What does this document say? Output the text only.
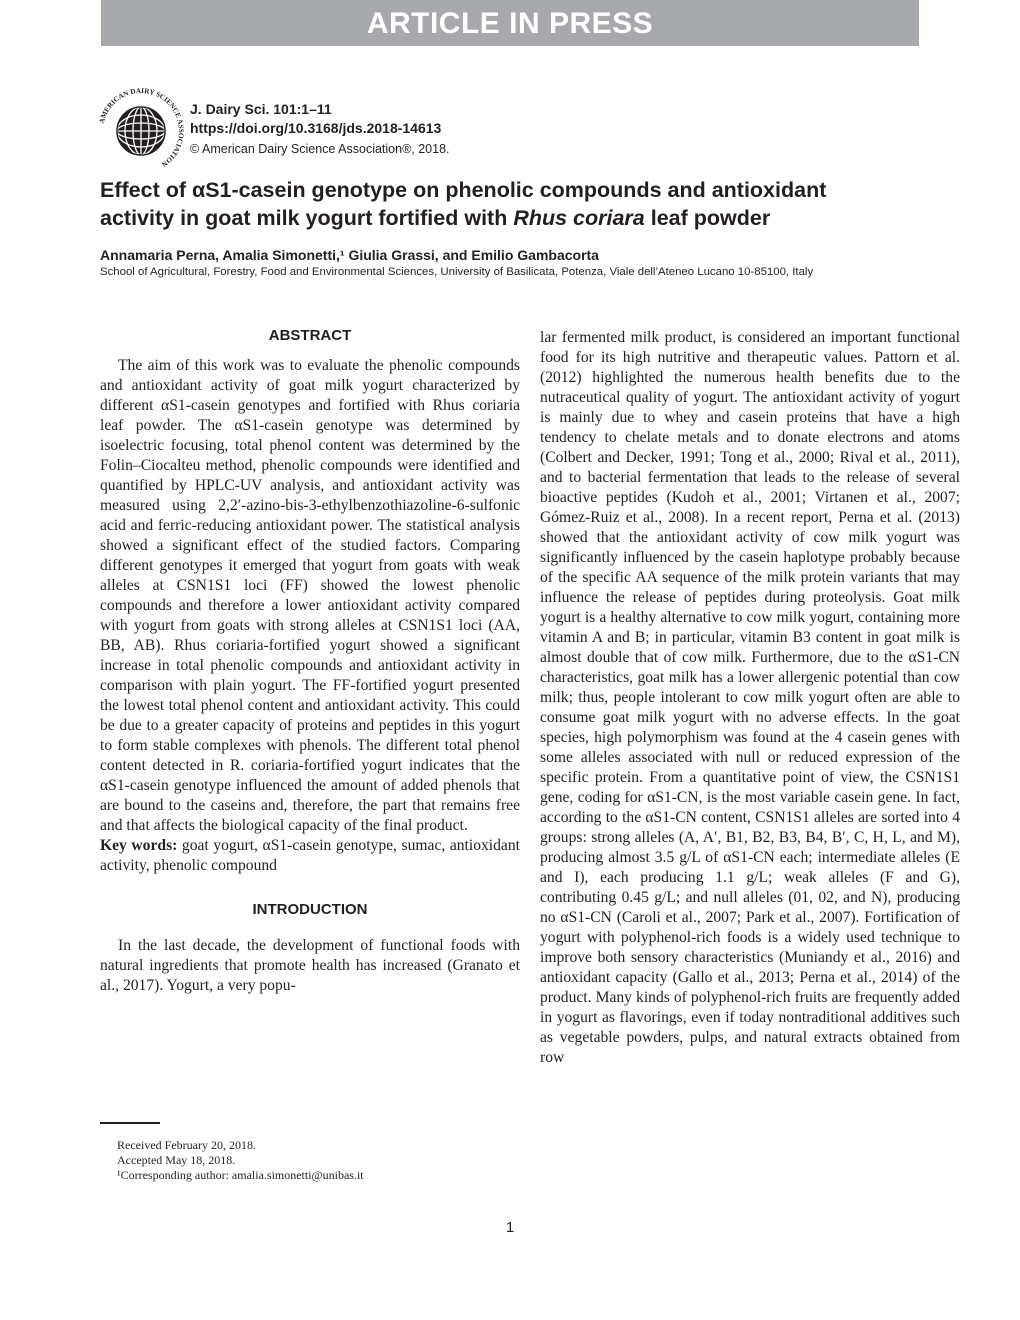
ARTICLE IN PRESS
AMERICAN DAIRY SCIENCE ASSOCIATION
J. Dairy Sci. 101:1–11
https://doi.org/10.3168/jds.2018-14613
© American Dairy Science Association®, 2018.
Effect of αS1-casein genotype on phenolic compounds and antioxidant
activity in goat milk yogurt fortified with Rhus coriara leaf powder
Annamaria Perna, Amalia Simonetti,¹ Giulia Grassi, and Emilio Gambacorta
School of Agricultural, Forestry, Food and Environmental Sciences, University of Basilicata, Potenza, Viale dell’Ateneo Lucano 10-85100, Italy

ABSTRACT

The aim of this work was to evaluate the phenolic compounds and antioxidant activity of goat milk yogurt characterized by different αS1-casein genotypes and fortified with Rhus coriaria leaf powder. The αS1-casein genotype was determined by isoelectric focusing, total phenol content was determined by the Folin–Ciocalteu method, phenolic compounds were identified and quantified by HPLC-UV analysis, and antioxidant activity was measured using 2,2′-azino-bis-3-ethylbenzothiazoline-6-sulfonic acid and ferric-reducing antioxidant power. The statistical analysis showed a significant effect of the studied factors. Comparing different genotypes it emerged that yogurt from goats with weak alleles at CSN1S1 loci (FF) showed the lowest phenolic compounds and therefore a lower antioxidant activity compared with yogurt from goats with strong alleles at CSN1S1 loci (AA, BB, AB). Rhus coriaria-fortified yogurt showed a significant increase in total phenolic compounds and antioxidant activity in comparison with plain yogurt. The FF-fortified yogurt presented the lowest total phenol content and antioxidant activity. This could be due to a greater capacity of proteins and peptides in this yogurt to form stable complexes with phenols. The different total phenol content detected in R. coriaria-fortified yogurt indicates that the αS1-casein genotype influenced the amount of added phenols that are bound to the caseins and, therefore, the part that remains free and that affects the biological capacity of the final product.

Key words: goat yogurt, αS1-casein genotype, sumac, antioxidant activity, phenolic compound

INTRODUCTION

In the last decade, the development of functional foods with natural ingredients that promote health has increased (Granato et al., 2017). Yogurt, a very popu-

lar fermented milk product, is considered an important functional food for its high nutritive and therapeutic values. Pattorn et al. (2012) highlighted the numerous health benefits due to the nutraceutical quality of yogurt. The antioxidant activity of yogurt is mainly due to whey and casein proteins that have a high tendency to chelate metals and to donate electrons and atoms (Colbert and Decker, 1991; Tong et al., 2000; Rival et al., 2011), and to bacterial fermentation that leads to the release of several bioactive peptides (Kudoh et al., 2001; Virtanen et al., 2007; Gómez-Ruiz et al., 2008). In a recent report, Perna et al. (2013) showed that the antioxidant activity of cow milk yogurt was significantly influenced by the casein haplotype probably because of the specific AA sequence of the milk protein variants that may influence the release of peptides during proteolysis. Goat milk yogurt is a healthy alternative to cow milk yogurt, containing more vitamin A and B; in particular, vitamin B3 content in goat milk is almost double that of cow milk. Furthermore, due to the αS1-CN characteristics, goat milk has a lower allergenic potential than cow milk; thus, people intolerant to cow milk yogurt often are able to consume goat milk yogurt with no adverse effects. In the goat species, high polymorphism was found at the 4 casein genes with some alleles associated with null or reduced expression of the specific protein. From a quantitative point of view, the CSN1S1 gene, coding for αS1-CN, is the most variable casein gene. In fact, according to the αS1-CN content, CSN1S1 alleles are sorted into 4 groups: strong alleles (A, A′, B1, B2, B3, B4, B′, C, H, L, and M), producing almost 3.5 g/L of αS1-CN each; intermediate alleles (E and I), each producing 1.1 g/L; weak alleles (F and G), contributing 0.45 g/L; and null alleles (01, 02, and N), producing no αS1-CN (Caroli et al., 2007; Park et al., 2007). Fortification of yogurt with polyphenol-rich foods is a widely used technique to improve both sensory characteristics (Muniandy et al., 2016) and antioxidant capacity (Gallo et al., 2013; Perna et al., 2014) of the product. Many kinds of polyphenol-rich fruits are frequently added in yogurt as flavorings, even if today nontraditional additives such as vegetable powders, pulps, and natural extracts obtained from row

Received February 20, 2018.
Accepted May 18, 2018.
¹Corresponding author: amalia.simonetti@unibas.it
1
